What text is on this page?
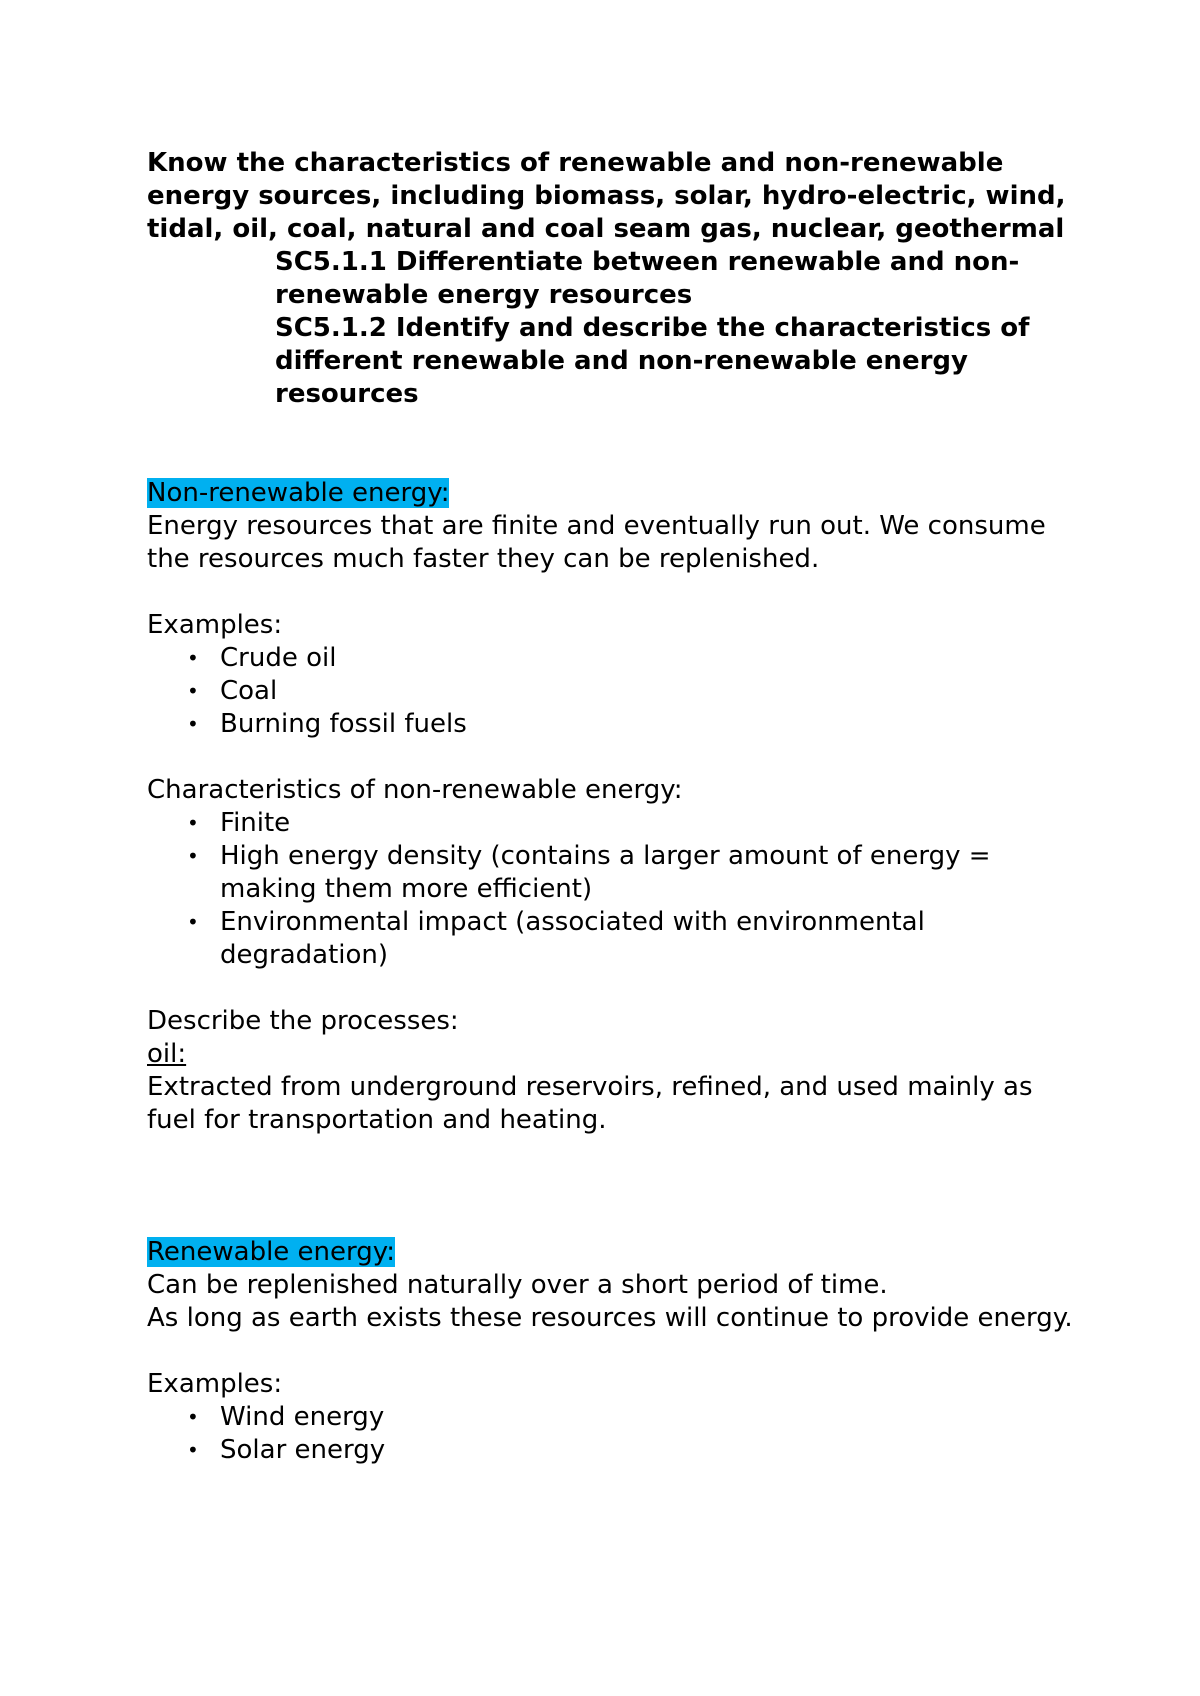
Know the characteristics of renewable and non-renewable energy sources, including biomass, solar, hydro-electric, wind, tidal, oil, coal, natural and coal seam gas, nuclear, geothermal

SC5.1.1 Differentiate between renewable and non-renewable energy resources

SC5.1.2 Identify and describe the characteristics of different renewable and non-renewable energy resources

Non-renewable energy:

Energy resources that are finite and eventually run out. We consume the resources much faster they can be replenished.

Examples:

• Crude oil
• Coal
• Burning fossil fuels

Characteristics of non-renewable energy:

• Finite
• High energy density (contains a larger amount of energy = making them more efficient)
• Environmental impact (associated with environmental degradation)

Describe the processes:

oil:

Extracted from underground reservoirs, refined, and used mainly as fuel for transportation and heating.

Renewable energy:

Can be replenished naturally over a short period of time.

As long as earth exists these resources will continue to provide energy.

Examples:

• Wind energy
• Solar energy
